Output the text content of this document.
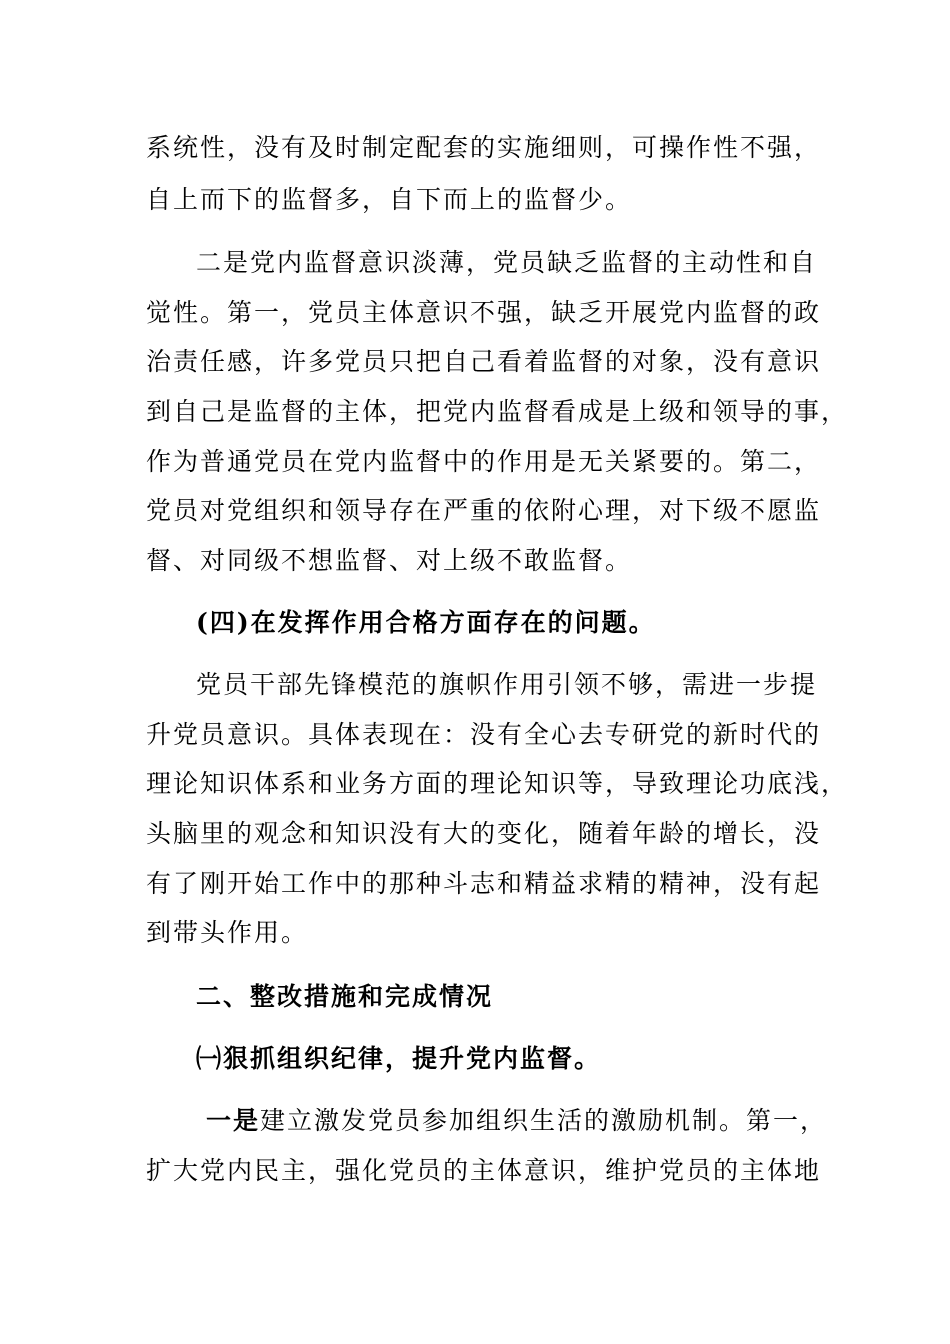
系统性，没有及时制定配套的实施细则，可操作性不强，
自上而下的监督多，自下而上的监督少。
二是党内监督意识淡薄，党员缺乏监督的主动性和自
觉性。第一，党员主体意识不强，缺乏开展党内监督的政
治责任感，许多党员只把自己看着监督的对象，没有意识
到自己是监督的主体，把党内监督看成是上级和领导的事，
作为普通党员在党内监督中的作用是无关紧要的。第二，
党员对党组织和领导存在严重的依附心理，对下级不愿监
督、对同级不想监督、对上级不敢监督。
(四)在发挥作用合格方面存在的问题。
党员干部先锋模范的旗帜作用引领不够，需进一步提
升党员意识。具体表现在：没有全心去专研党的新时代的
理论知识体系和业务方面的理论知识等，导致理论功底浅，
头脑里的观念和知识没有大的变化，随着年龄的增长，没
有了刚开始工作中的那种斗志和精益求精的精神，没有起
到带头作用。
二、整改措施和完成情况
㈠狠抓组织纪律，提升党内监督。
一是建立激发党员参加组织生活的激励机制。第一，
扩大党内民主，强化党员的主体意识，维护党员的主体地
